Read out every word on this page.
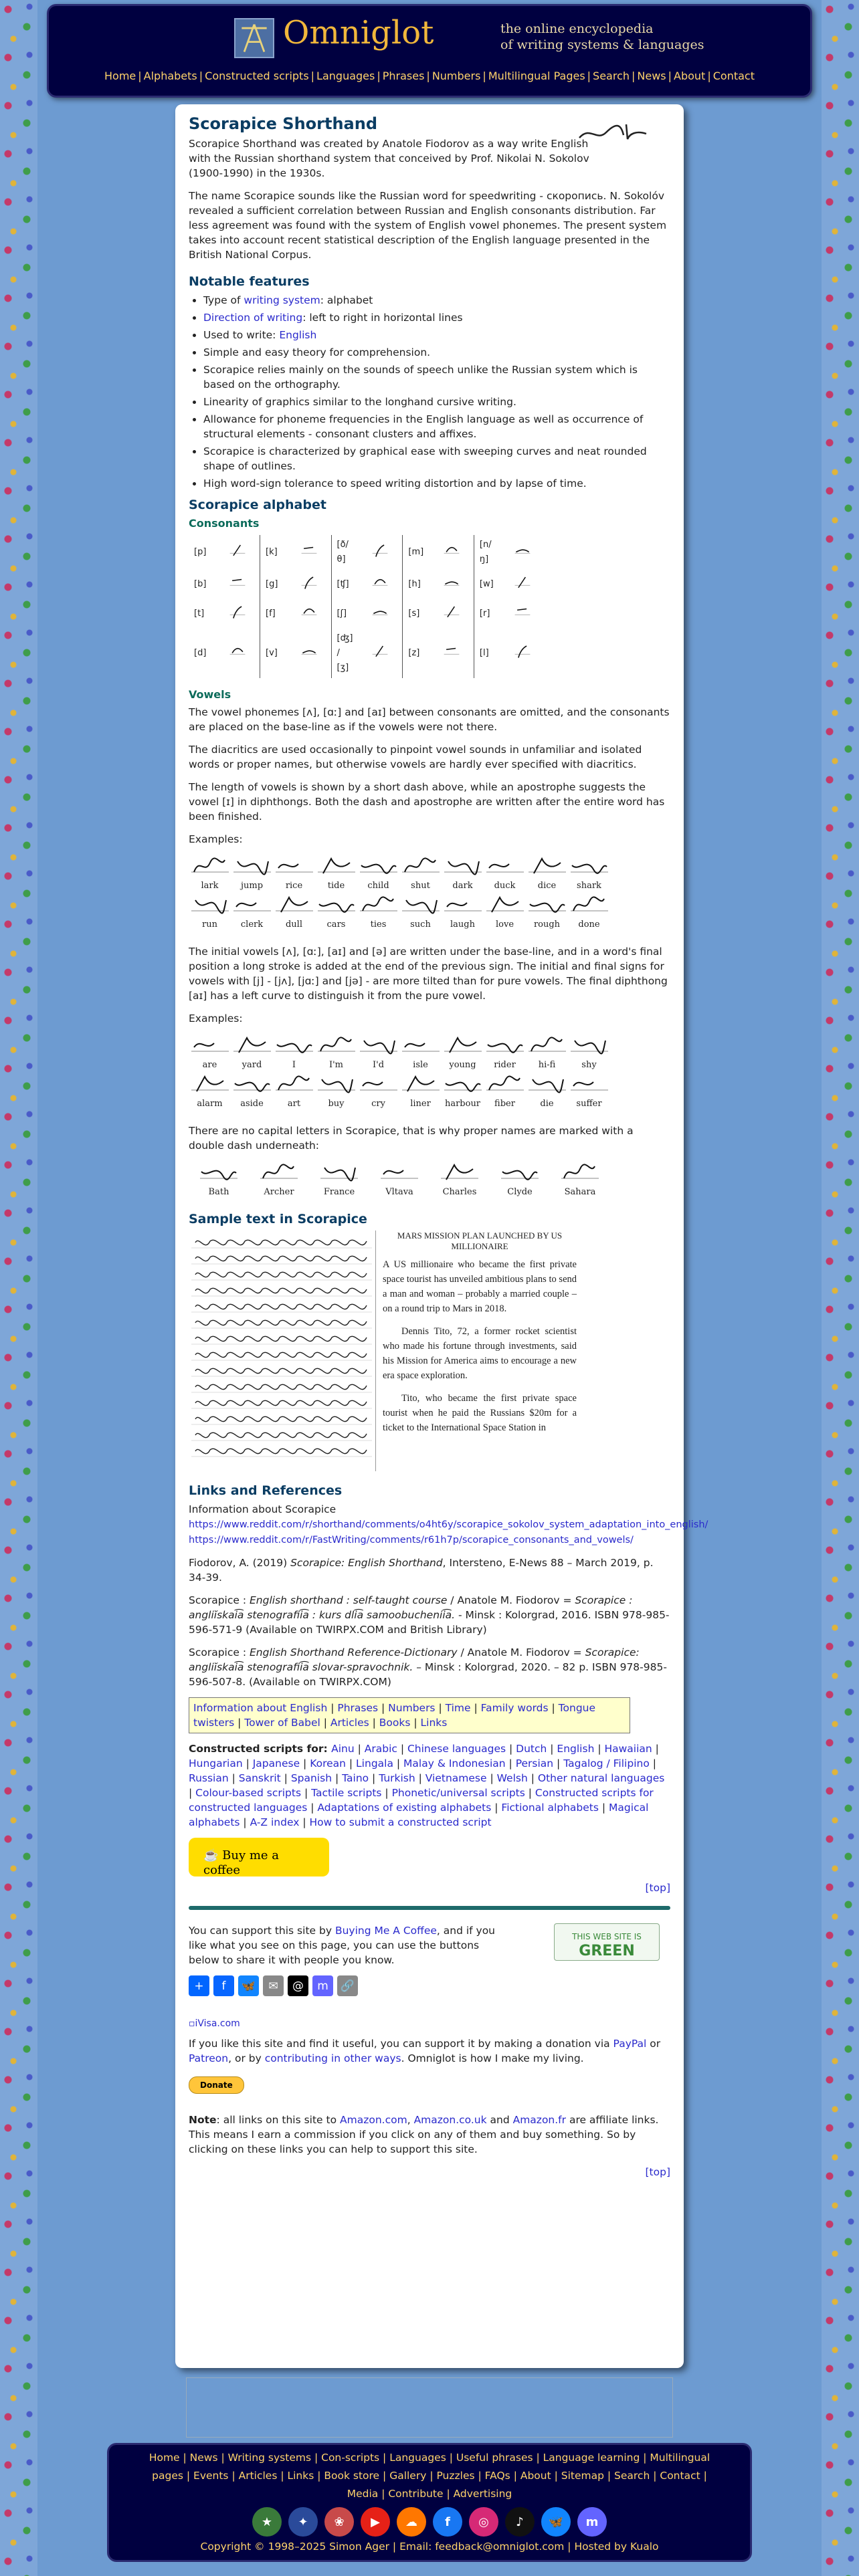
Omniglot	the online encyclopedia
of writing systems & languages
Home | Alphabets | Constructed scripts | Languages | Phrases | Numbers | Multilingual Pages | Search | News | About | Contact
Scorapice Shorthand

Scorapice Shorthand was created by Anatole Fiodorov as a way write English with the Russian shorthand system that conceived by Prof. Nikolai N. Sokolov (1900-1990) in the 1930s.

The name Scorapice sounds like the Russian word for speedwriting - скоропись. N. Sokolóv revealed a sufficient correlation between Russian and English consonants distribution. Far less agreement was found with the system of English vowel phonemes. The present system takes into account recent statistical description of the English language presented in the British National Corpus.

Notable features
• Type of writing system: alphabet
• Direction of writing: left to right in horizontal lines
• Used to write: English
• Simple and easy theory for comprehension.
• Scorapice relies mainly on the sounds of speech unlike the Russian system which is based on the orthography.
• Linearity of graphics similar to the longhand cursive writing.
• Allowance for phoneme frequencies in the English language as well as occurrence of structural elements - consonant clusters and affixes.
• Scorapice is characterized by graphical ease with sweeping curves and neat rounded shape of outlines.
• High word-sign tolerance to speed writing distortion and by lapse of time.
Scorapice alphabet
Consonants
[p]		[k]		[ð/θ]		[m]		[n/ŋ]	
[b]		[g]		[ʧ]		[h]		[w]	
[t]		[f]		[ʃ]		[s]		[r]	
[d]		[v]		[ʤ] / [ʒ]		[z]		[l]	
Vowels

The vowel phonemes [ʌ], [ɑː] and [aɪ] between consonants are omitted, and the consonants are placed on the base-line as if the vowels were not there.

The diacritics are used occasionally to pinpoint vowel sounds in unfamiliar and isolated words or proper names, but otherwise vowels are hardly ever specified with diacritics.

The length of vowels is shown by a short dash above, while an apostrophe suggests the vowel [ɪ] in diphthongs. Both the dash and apostrophe are written after the entire word has been finished.

Examples:

lark	jump	rice	tide	child	shut	dark	duck	dice	shark
run	clerk	dull	cars	ties	such	laugh	love	rough	done

The initial vowels [ʌ], [ɑː], [aɪ] and [ə] are written under the base-line, and in a word's final position a long stroke is added at the end of the previous sign. The initial and final signs for vowels with [j] - [jʌ], [jɑː] and [jə] - are more tilted than for pure vowels. The final diphthong [aɪ] has a left curve to distinguish it from the pure vowel.

Examples:

are	yard	I	I'm	I'd	isle	young	rider	hi-fi	shy
alarm	aside	art	buy	cry	liner	harbour	fiber	die	suffer

There are no capital letters in Scorapice, that is why proper names are marked with a double dash underneath:

Bath	Archer	France	Vltava	Charles	Clyde	Sahara
Sample text in Scorapice
MARS MISSION PLAN LAUNCHED BY US MILLIONAIRE

A US millionaire who became the first private space tourist has unveiled ambitious plans to send a man and woman – probably a married couple – on a round trip to Mars in 2018.

Dennis Tito, 72, a former rocket scientist who made his fortune through investments, said his Mission for America aims to encourage a new era space exploration.

Tito, who became the first private space tourist when he paid the Russians $20m for a ticket to the International Space Station in

Links and References
Information about Scorapice
https://www.reddit.com/r/shorthand/comments/o4ht6y/scorapice_sokolov_system_adaptation_into_english/

https://www.reddit.com/r/FastWriting/comments/r61h7p/scorapice_consonants_and_vowels/

Fiodorov, A. (2019) Scorapice: English Shorthand, Intersteno, E-News 88 – March 2019, p. 34-39.

Scorapice : English shorthand : self-taught course / Anatole M. Fiodorov = Scorapice : angliĭskai͡a stenografii͡a : kurs dli͡a samoobuchenii͡a. - Minsk : Kolorgrad, 2016. ISBN 978-985-596-571-9 (Available on TWIRPX.COM and British Library)

Scorapice : English Shorthand Reference-Dictionary / Anatole M. Fiodorov = Scorapice: angliĭskai͡a stenografii͡a slovar-spravochnik. – Minsk : Kolorgrad, 2020. – 82 p. ISBN 978-985-596-507-8. (Available on TWIRPX.COM)

Information about English | Phrases | Numbers | Time | Family words | Tongue twisters | Tower of Babel | Articles | Books | Links

Constructed scripts for: Ainu | Arabic | Chinese languages | Dutch | English | Hawaiian | Hungarian | Japanese | Korean | Lingala | Malay & Indonesian | Persian | Tagalog / Filipino | Russian | Sanskrit | Spanish | Taino | Turkish | Vietnamese | Welsh | Other natural languages | Colour-based scripts | Tactile scripts | Phonetic/universal scripts | Constructed scripts for constructed languages | Adaptations of existing alphabets | Fictional alphabets | Magical alphabets | A-Z index | How to submit a constructed script

☕ Buy me a coffee
[top]
THIS WEB SITE IS
GREEN

You can support this site by Buying Me A Coffee, and if you like what you see on this page, you can use the buttons below to share it with people you know.

+	f	🦋	✉	@	m	🔗
▫iVisa.com

If you like this site and find it useful, you can support it by making a donation via PayPal or Patreon, or by contributing in other ways. Omniglot is how I make my living.

Donate

Note: all links on this site to Amazon.com, Amazon.co.uk and Amazon.fr are affiliate links. This means I earn a commission if you click on any of them and buy something. So by clicking on these links you can help to support this site.

[top]
Home | News | Writing systems | Con-scripts | Languages | Useful phrases | Language learning | Multilingual pages | Events | Articles | Links | Book store | Gallery | Puzzles | FAQs | About | Sitemap | Search | Contact | Media | Contribute | Advertising
★	✦	❀	▶	☁	f	◎	♪	🦋	m
Copyright © 1998–2025 Simon Ager | Email: feedback@omniglot.com | Hosted by Kualo
